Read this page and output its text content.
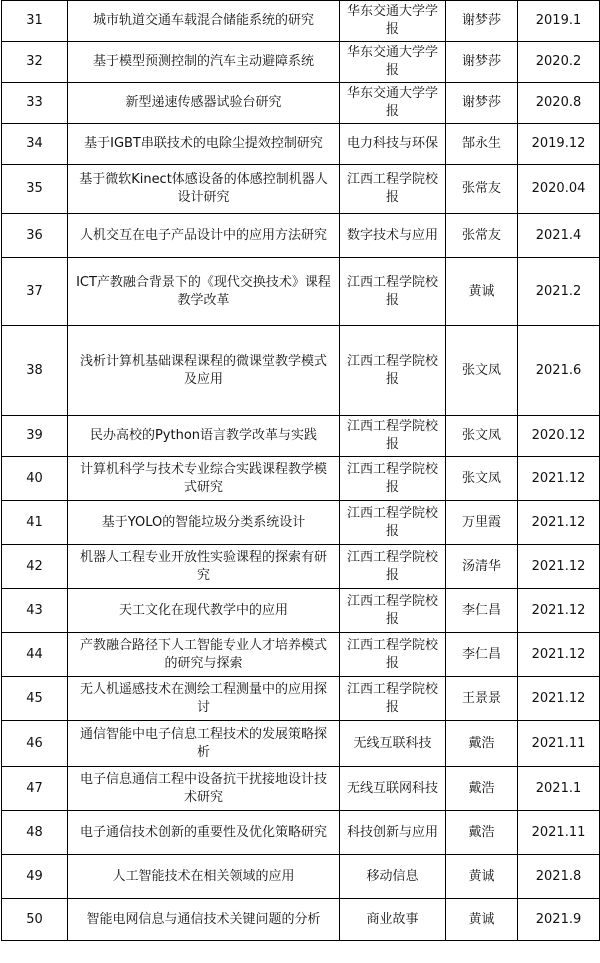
31	城市轨道交通车载混合储能系统的研究	华东交通大学学报	谢梦莎	2019.1
32	基于模型预测控制的汽车主动避障系统	华东交通大学学报	谢梦莎	2020.2
33	新型递速传感器试验台研究	华东交通大学学报	谢梦莎	2020.8
34	基于IGBT串联技术的电除尘提效控制研究	电力科技与环保	郜永生	2019.12
35	基于微软Kinect体感设备的体感控制机器人设计研究	江西工程学院校报	张常友	2020.04
36	人机交互在电子产品设计中的应用方法研究	数字技术与应用	张常友	2021.4
37	ICT产教融合背景下的《现代交换技术》课程教学改革	江西工程学院校报	黄诚	2021.2
38	浅析计算机基础课程课程的微课堂教学模式及应用	江西工程学院校报	张文凤	2021.6
39	民办高校的Python语言教学改革与实践	江西工程学院校报	张文凤	2020.12
40	计算机科学与技术专业综合实践课程教学模式研究	江西工程学院校报	张文凤	2021.12
41	基于YOLO的智能垃圾分类系统设计	江西工程学院校报	万里霞	2021.12
42	机器人工程专业开放性实验课程的探索有研究	江西工程学院校报	汤清华	2021.12
43	天工文化在现代教学中的应用	江西工程学院校报	李仁昌	2021.12
44	产教融合路径下人工智能专业人才培养模式的研究与探索	江西工程学院校报	李仁昌	2021.12
45	无人机遥感技术在测绘工程测量中的应用探讨	江西工程学院校报	王景景	2021.12
46	通信智能中电子信息工程技术的发展策略探析	无线互联科技	戴浩	2021.11
47	电子信息通信工程中设备抗干扰接地设计技术研究	无线互联网科技	戴浩	2021.1
48	电子通信技术创新的重要性及优化策略研究	科技创新与应用	戴浩	2021.11
49	人工智能技术在相关领域的应用	移动信息	黄诚	2021.8
50	智能电网信息与通信技术关键问题的分析	商业故事	黄诚	2021.9
